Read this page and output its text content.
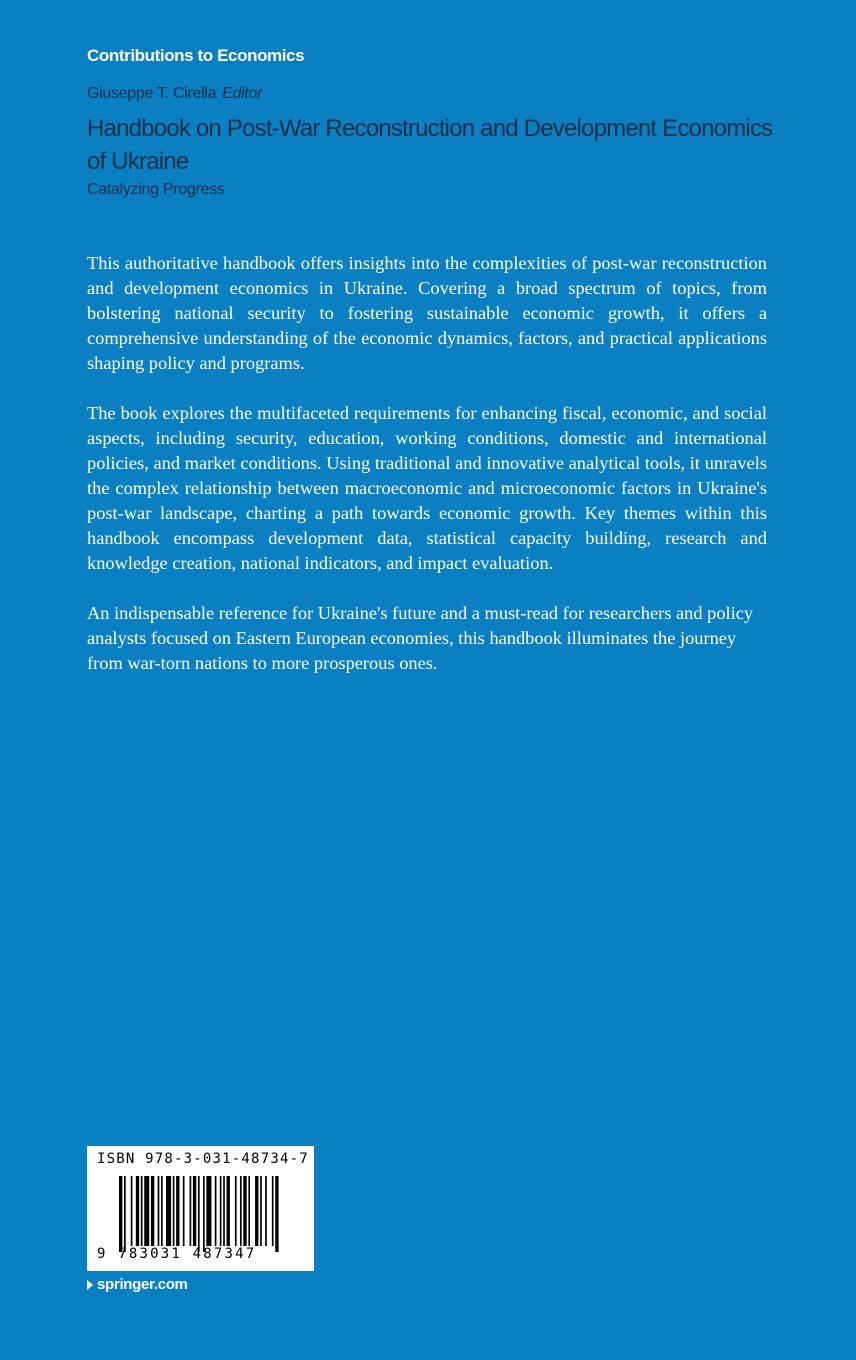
Contributions to Economics
Giuseppe T. Cirella Editor
Handbook on Post-War Reconstruction and Development Economics of Ukraine
Catalyzing Progress

This authoritative handbook offers insights into the complexities of post-war reconstruction and development economics in Ukraine. Covering a broad spectrum of topics, from bolstering national security to fostering sustainable economic growth, it offers a comprehensive understanding of the economic dynamics, factors, and practical applications shaping policy and programs.

The book explores the multifaceted requirements for enhancing fiscal, economic, and social aspects, including security, education, working conditions, domestic and international policies, and market conditions. Using traditional and innovative analytical tools, it unravels the complex relationship between macroeconomic and microeconomic factors in Ukraine's post-war landscape, charting a path towards economic growth. Key themes within this handbook encompass development data, statistical capacity building, research and knowledge creation, national indicators, and impact evaluation.

An indispensable reference for Ukraine's future and a must-read for researchers and policy analysts focused on Eastern European economies, this handbook illuminates the journey from war-torn nations to more prosperous ones.

ISBN 978-3-031-48734-7
9 783031 487347
springer.com
